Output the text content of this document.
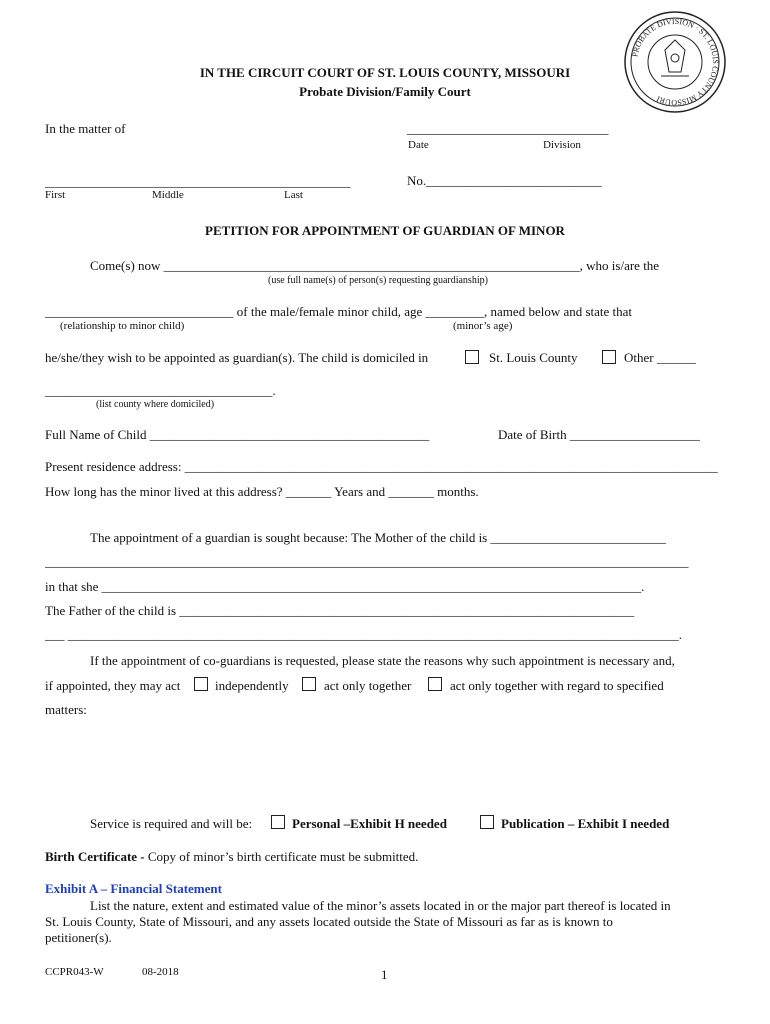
PROBATE DIVISION · ST. LOUIS COUNTY MISSOURI
IN THE CIRCUIT COURT OF ST. LOUIS COUNTY, MISSOURI
Probate Division/Family Court
In the matter of	_______________________________
Date	Division
_______________________________________________
First	Middle	Last
No.___________________________
PETITION FOR APPOINTMENT OF GUARDIAN OF MINOR
Come(s) now ________________________________________________________________, who is/are the
(use full name(s) of person(s) requesting guardianship)
_____________________________ of the male/female minor child, age _________, named below and state that
(relationship to minor child)	(minor’s age)
he/she/they wish to be appointed as guardian(s). The child is domiciled in	St. Louis County	Other ______
___________________________________.
(list county where domiciled)
Full Name of Child ___________________________________________	Date of Birth ____________________
Present residence address: __________________________________________________________________________________
How long has the minor lived at this address? _______ Years and _______ months.
The appointment of a guardian is sought because: The Mother of the child is ___________________________
___________________________________________________________________________________________________
in that she ___________________________________________________________________________________.
The Father of the child is ______________________________________________________________________
___ ______________________________________________________________________________________________.
If the appointment of co-guardians is requested, please state the reasons why such appointment is necessary and,
if appointed, they may act	independently	act only together	act only together with regard to specified
matters:
Service is required and will be:	Personal –Exhibit H needed	Publication – Exhibit I needed
Birth Certificate - Copy of minor’s birth certificate must be submitted.
Exhibit A – Financial Statement
List the nature, extent and estimated value of the minor’s assets located in or the major part thereof is located in
St. Louis County, State of Missouri, and any assets located outside the State of Missouri as far as is known to
petitioner(s).
CCPR043-W	08-2018	1
